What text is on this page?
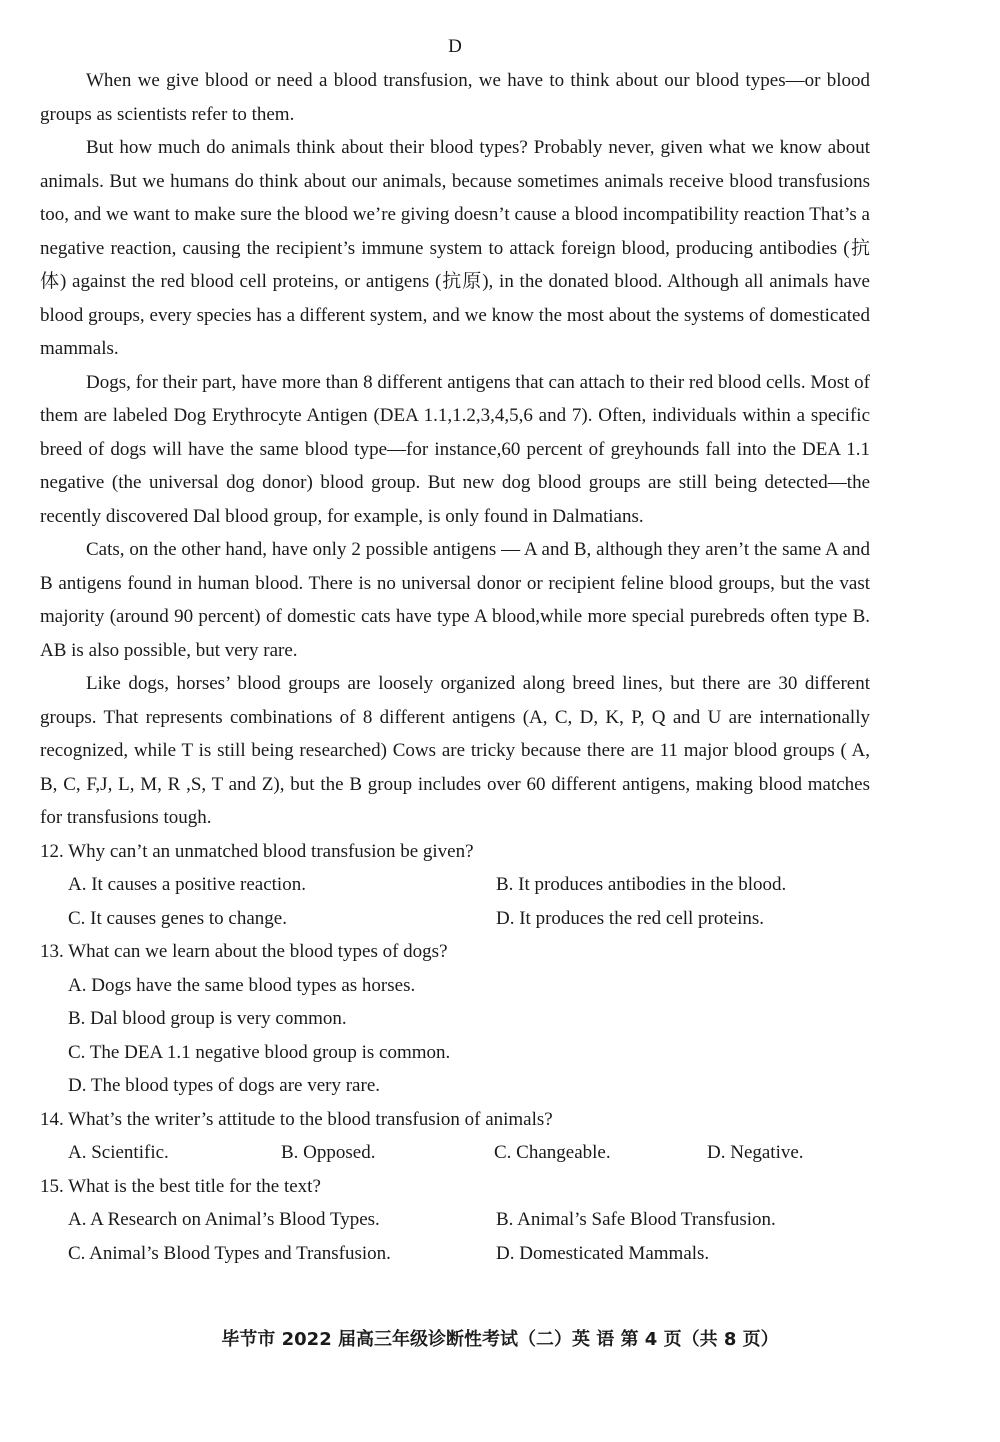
D

When we give blood or need a blood transfusion, we have to think about our blood types—or blood groups as scientists refer to them.

But how much do animals think about their blood types? Probably never, given what we know about animals. But we humans do think about our animals, because sometimes animals receive blood transfusions too, and we want to make sure the blood we’re giving doesn’t cause a blood incompatibility reaction That’s a negative reaction, causing the recipient’s immune system to attack foreign blood, producing antibodies (抗体) against the red blood cell proteins, or antigens (抗原), in the donated blood. Although all animals have blood groups, every species has a different system, and we know the most about the systems of domesticated mammals.

Dogs, for their part, have more than 8 different antigens that can attach to their red blood cells. Most of them are labeled Dog Erythrocyte Antigen (DEA 1.1,1.2,3,4,5,6 and 7). Often, individuals within a specific breed of dogs will have the same blood type—for instance,60 percent of greyhounds fall into the DEA 1.1 negative (the universal dog donor) blood group. But new dog blood groups are still being detected—the recently discovered Dal blood group, for example, is only found in Dalmatians.

Cats, on the other hand, have only 2 possible antigens — A and B, although they aren’t the same A and B antigens found in human blood. There is no universal donor or recipient feline blood groups, but the vast majority (around 90 percent) of domestic cats have type A blood,while more special purebreds often type B. AB is also possible, but very rare.

Like dogs, horses’ blood groups are loosely organized along breed lines, but there are 30 different groups. That represents combinations of 8 different antigens (A, C, D, K, P, Q and U are internationally recognized, while T is still being researched) Cows are tricky because there are 11 major blood groups ( A, B, C, F,J, L, M, R ,S, T and Z), but the B group includes over 60 different antigens, making blood matches for transfusions tough.

12. Why can’t an unmatched blood transfusion be given?

A. It causes a positive reaction.	B. It produces antibodies in the blood.
C. It causes genes to change.	D. It produces the red cell proteins.

13. What can we learn about the blood types of dogs?

A. Dogs have the same blood types as horses.
B. Dal blood group is very common.
C. The DEA 1.1 negative blood group is common.
D. The blood types of dogs are very rare.

14. What’s the writer’s attitude to the blood transfusion of animals?

A. Scientific.	B. Opposed.	C. Changeable.	D. Negative.

15. What is the best title for the text?

A. A Research on Animal’s Blood Types.	B. Animal’s Safe Blood Transfusion.
C. Animal’s Blood Types and Transfusion.	D. Domesticated Mammals.
毕节市 2022 届高三年级诊断性考试（二）英 语 第 4 页（共 8 页）
